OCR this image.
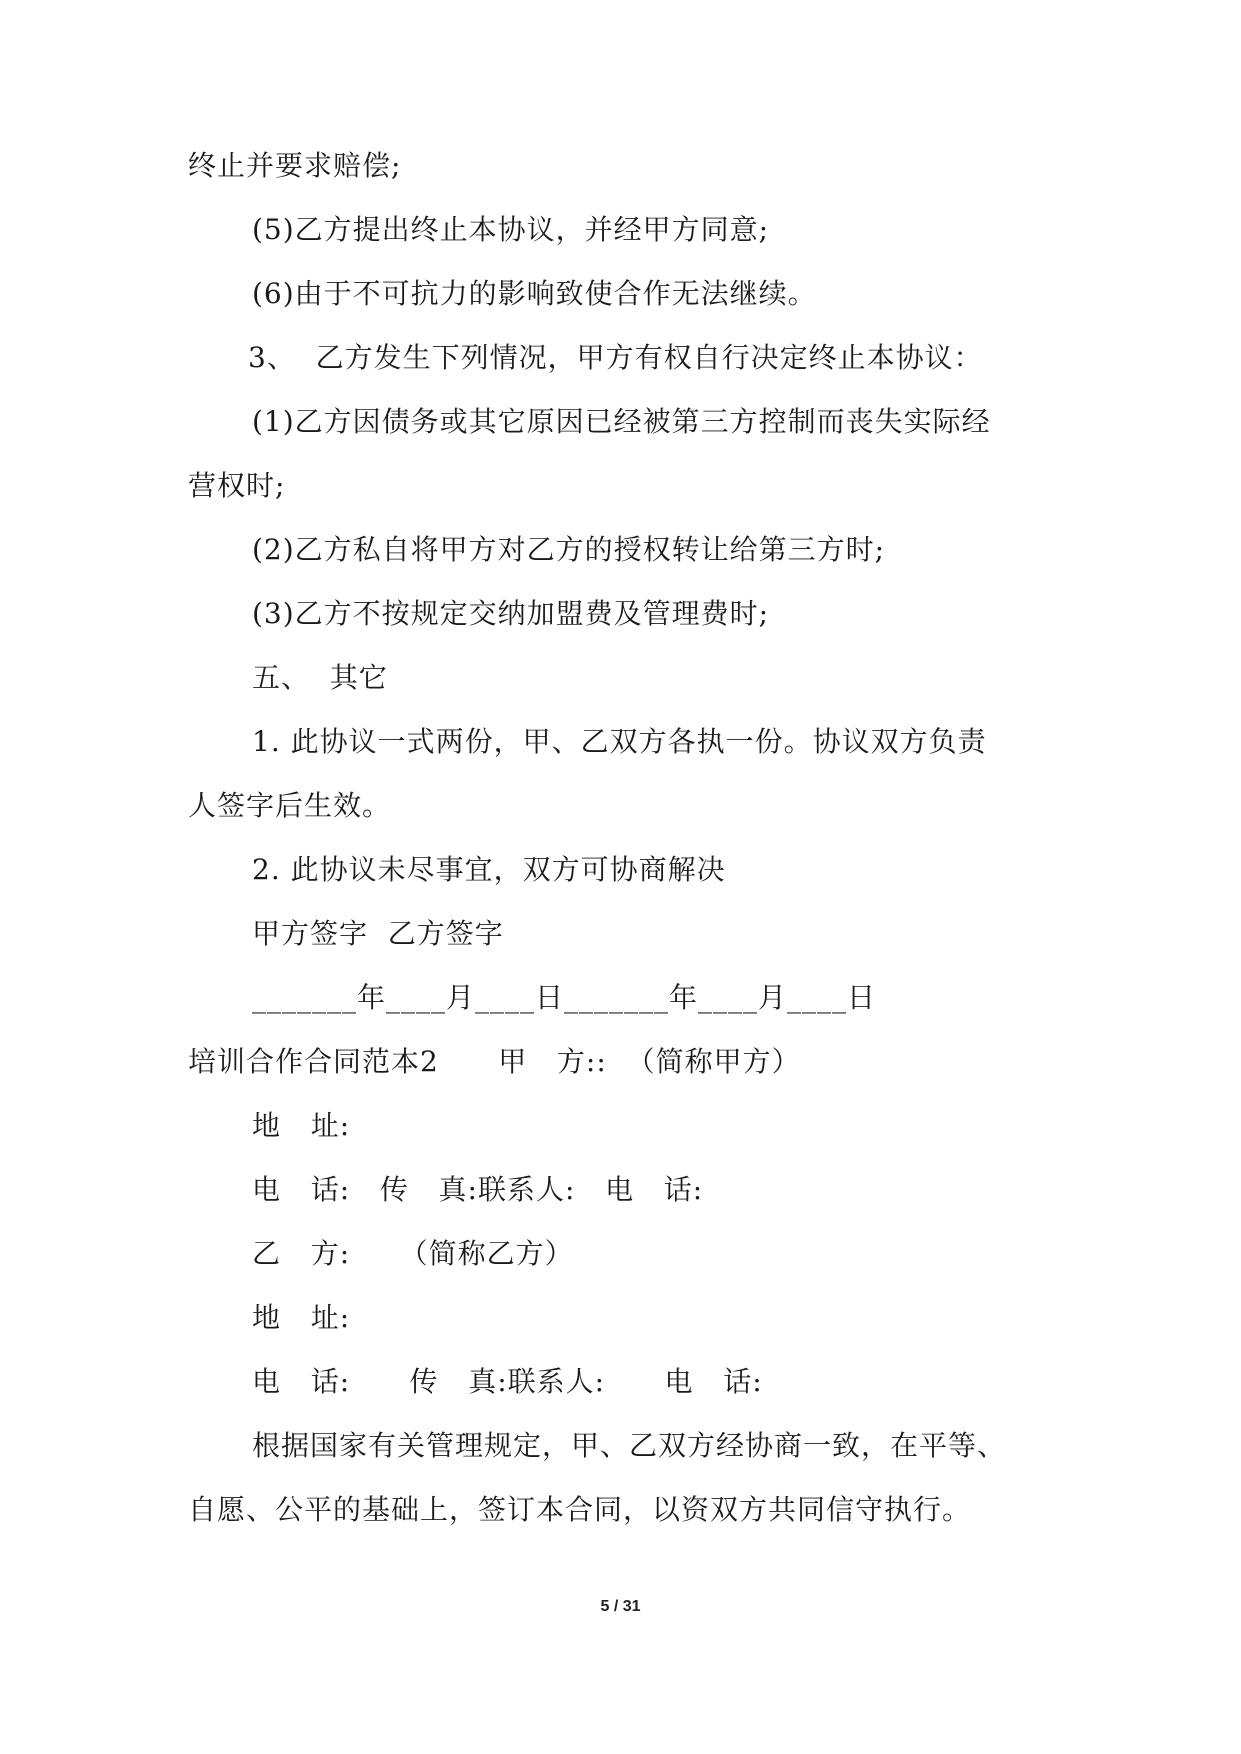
终止并要求赔偿;
(5)乙方提出终止本协议，并经甲方同意;
(6)由于不可抗力的影响致使合作无法继续。
3、  乙方发生下列情况，甲方有权自行决定终止本协议：
(1)乙方因债务或其它原因已经被第三方控制而丧失实际经
营权时;
(2)乙方私自将甲方对乙方的授权转让给第三方时;
(3)乙方不按规定交纳加盟费及管理费时;
五、  其它
1. 此协议一式两份，甲、乙双方各执一份。协议双方负责
人签字后生效。
2. 此协议未尽事宜，双方可协商解决
甲方签字  乙方签字
_______年____月____日_______年____月____日
培训合作合同范本2      甲   方::  （简称甲方）
地   址:
电   话:   传   真:联系人:   电   话:
乙   方:     （简称乙方）
地   址:
电   话:      传   真:联系人:      电   话:
根据国家有关管理规定，甲、乙双方经协商一致，在平等、
自愿、公平的基础上，签订本合同，以资双方共同信守执行。
5 / 31
